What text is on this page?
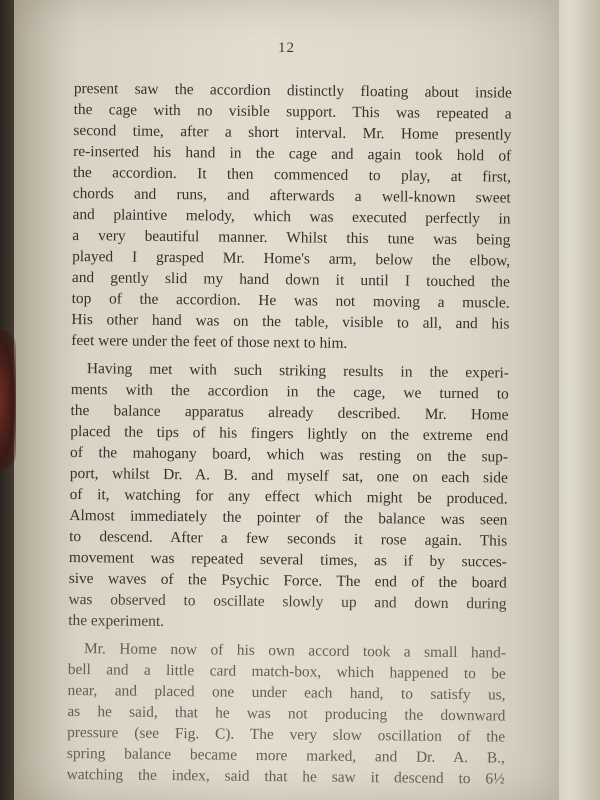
12
present saw the accordion distinctly floating about inside
the cage with no visible support. This was repeated a
second time, after a short interval. Mr. Home presently
re-inserted his hand in the cage and again took hold of
the accordion. It then commenced to play, at first,
chords and runs, and afterwards a well-known sweet
and plaintive melody, which was executed perfectly in
a very beautiful manner. Whilst this tune was being
played I grasped Mr. Home's arm, below the elbow,
and gently slid my hand down it until I touched the
top of the accordion. He was not moving a muscle.
His other hand was on the table, visible to all, and his
feet were under the feet of those next to him.
Having met with such striking results in the experi-
ments with the accordion in the cage, we turned to
the balance apparatus already described. Mr. Home
placed the tips of his fingers lightly on the extreme end
of the mahogany board, which was resting on the sup-
port, whilst Dr. A. B. and myself sat, one on each side
of it, watching for any effect which might be produced.
Almost immediately the pointer of the balance was seen
to descend. After a few seconds it rose again. This
movement was repeated several times, as if by succes-
sive waves of the Psychic Force. The end of the board
was observed to oscillate slowly up and down during
the experiment.
Mr. Home now of his own accord took a small hand-
bell and a little card match-box, which happened to be
near, and placed one under each hand, to satisfy us,
as he said, that he was not producing the downward
pressure (see Fig. C). The very slow oscillation of the
spring balance became more marked, and Dr. A. B.,
watching the index, said that he saw it descend to 6½
